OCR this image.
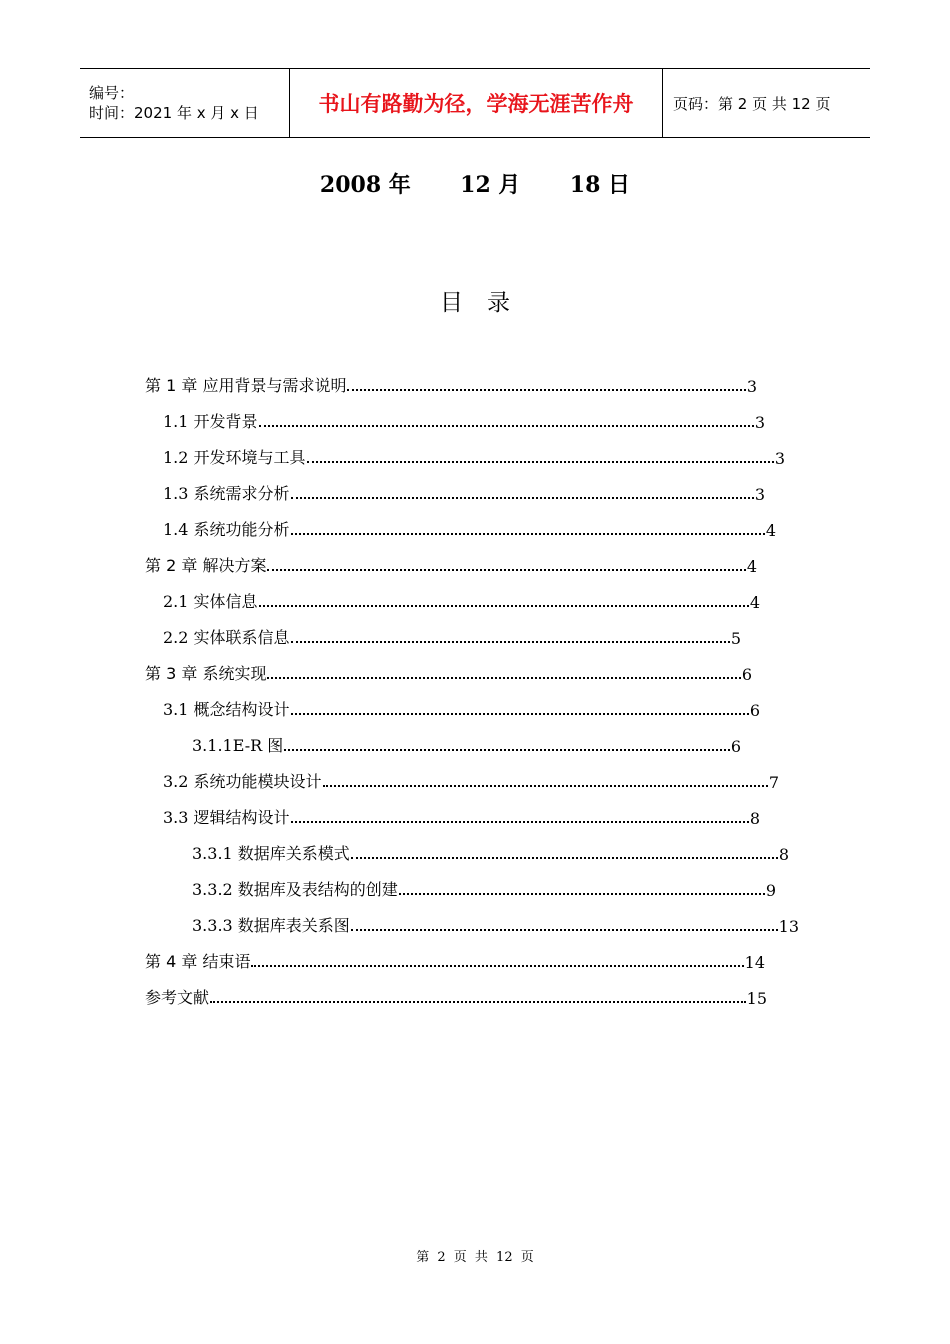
编号：
时间：2021 年 x 月 x 日	书山有路勤为径，学海无涯苦作舟	页码：第 2 页 共 12 页
2008 年 12 月 18 日
目录
第 1 章 应用背景与需求说明	3
1.1 开发背景	3
1.2 开发环境与工具	3
1.3 系统需求分析	3
1.4 系统功能分析	4
第 2 章 解决方案	4
2.1 实体信息	4
2.2 实体联系信息	5
第 3 章 系统实现	6
3.1 概念结构设计	6
3.1.1E-R 图	6
3.2 系统功能模块设计	7
3.3 逻辑结构设计	8
3.3.1 数据库关系模式	8
3.3.2 数据库及表结构的创建	9
3.3.3 数据库表关系图	13
第 4 章 结束语	14
参考文献	15
第 2 页 共 12 页
